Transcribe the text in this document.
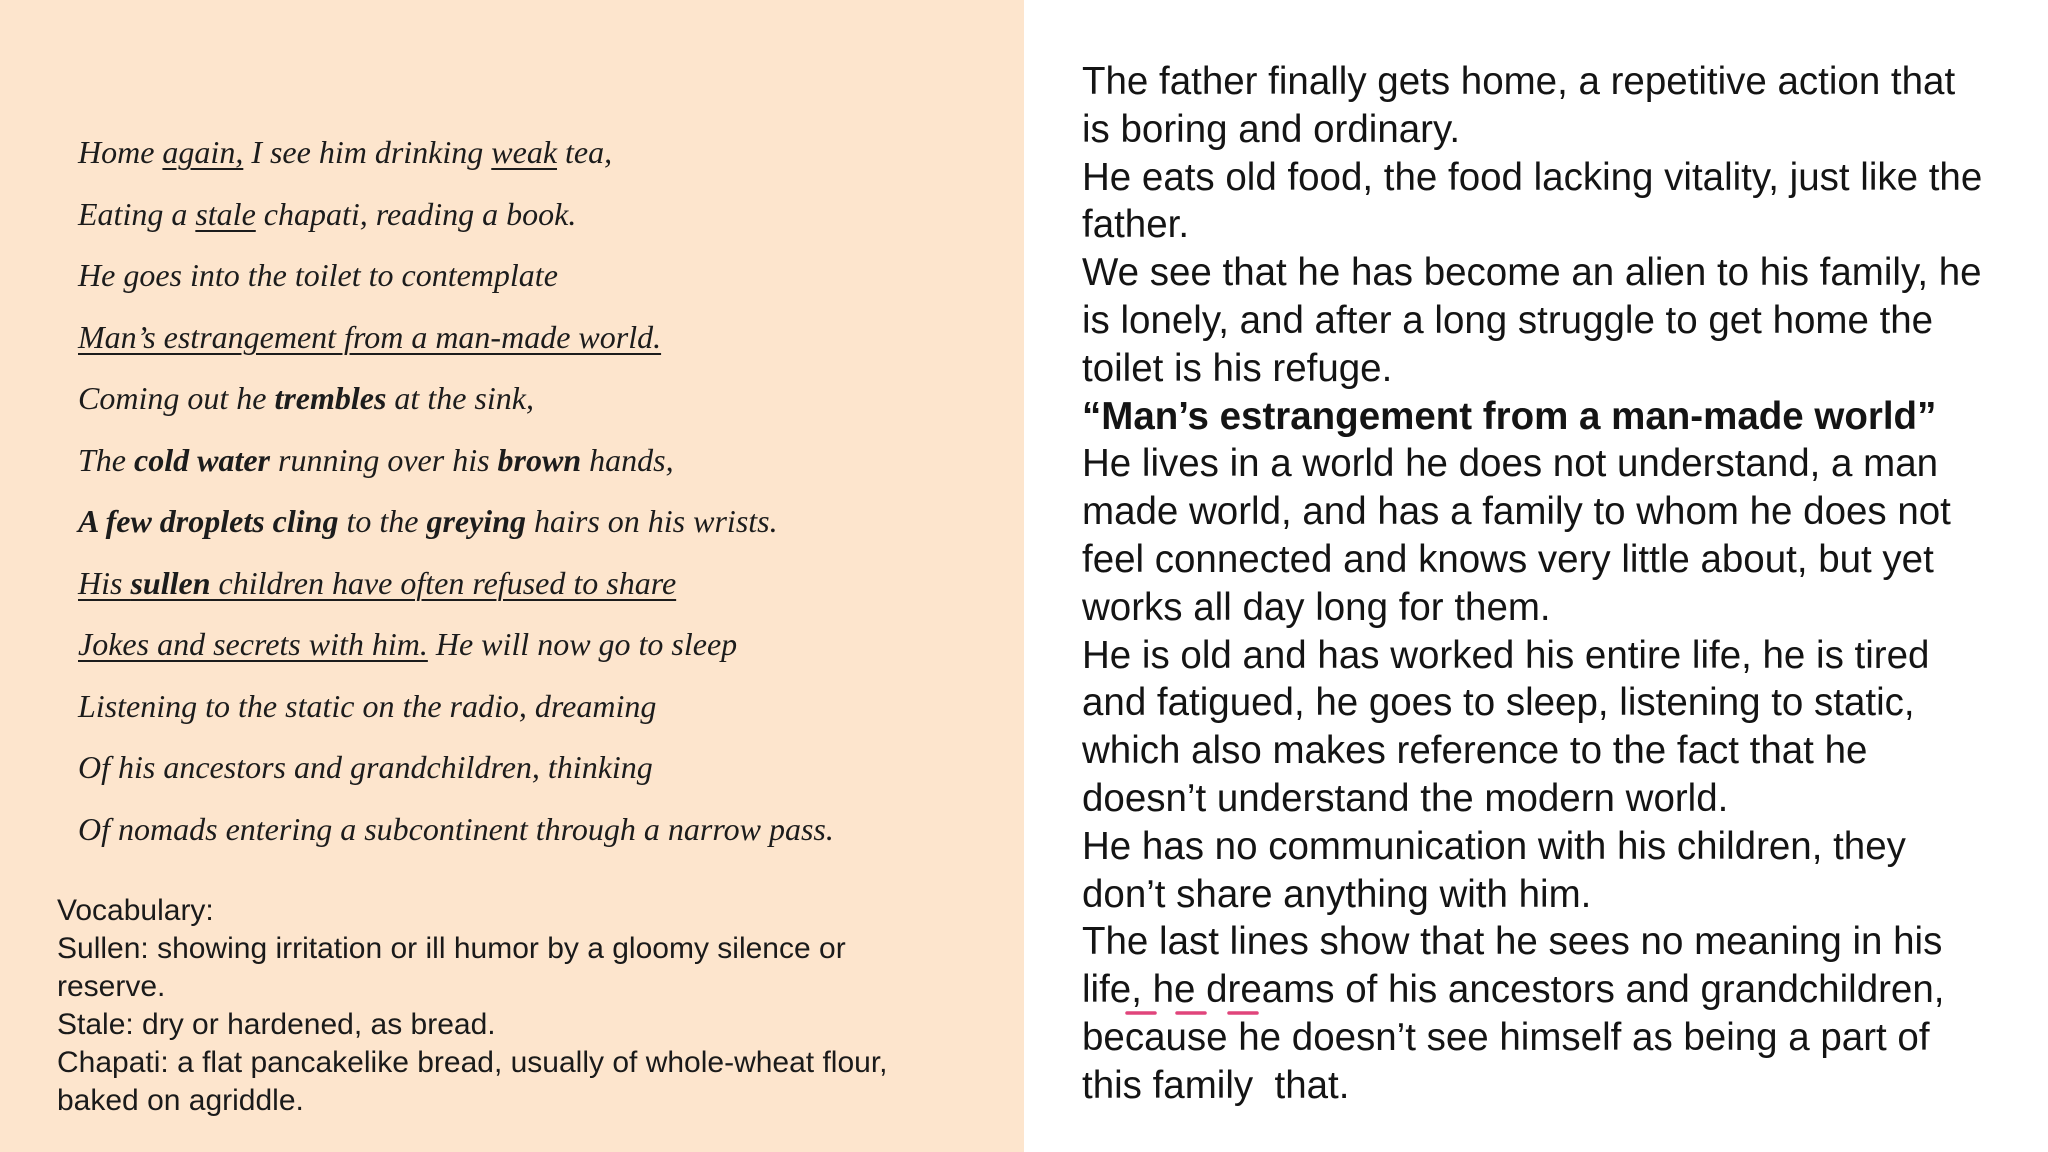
Home again, I see him drinking weak tea,
Eating a stale chapati, reading a book.
He goes into the toilet to contemplate
Man’s estrangement from a man-made world.
Coming out he trembles at the sink,
The cold water running over his brown hands,
A few droplets cling to the greying hairs on his wrists.
His sullen children have often refused to share
Jokes and secrets with him. He will now go to sleep
Listening to the static on the radio, dreaming
Of his ancestors and grandchildren, thinking
Of nomads entering a subcontinent through a narrow pass.
Vocabulary:
Sullen: showing irritation or ill humor by a gloomy silence or
reserve.
Stale: dry or hardened, as bread.
Chapati: a flat pancakelike bread, usually of whole-wheat flour,
baked on agriddle.
The father finally gets home, a repetitive action that
is boring and ordinary.
He eats old food, the food lacking vitality, just like the
father.
We see that he has become an alien to his family, he
is lonely, and after a long struggle to get home the
toilet is his refuge.
“Man’s estrangement from a man-made world”
He lives in a world he does not understand, a man
made world, and has a family to whom he does not
feel connected and knows very little about, but yet
works all day long for them.
He is old and has worked his entire life, he is tired
and fatigued, he goes to sleep, listening to static,
which also makes reference to the fact that he
doesn’t understand the modern world.
He has no communication with his children, they
don’t share anything with him.
The last lines show that he sees no meaning in his
life, he dreams of his ancestors and grandchildren,
because he doesn’t see himself as being a part of
this family  that.
